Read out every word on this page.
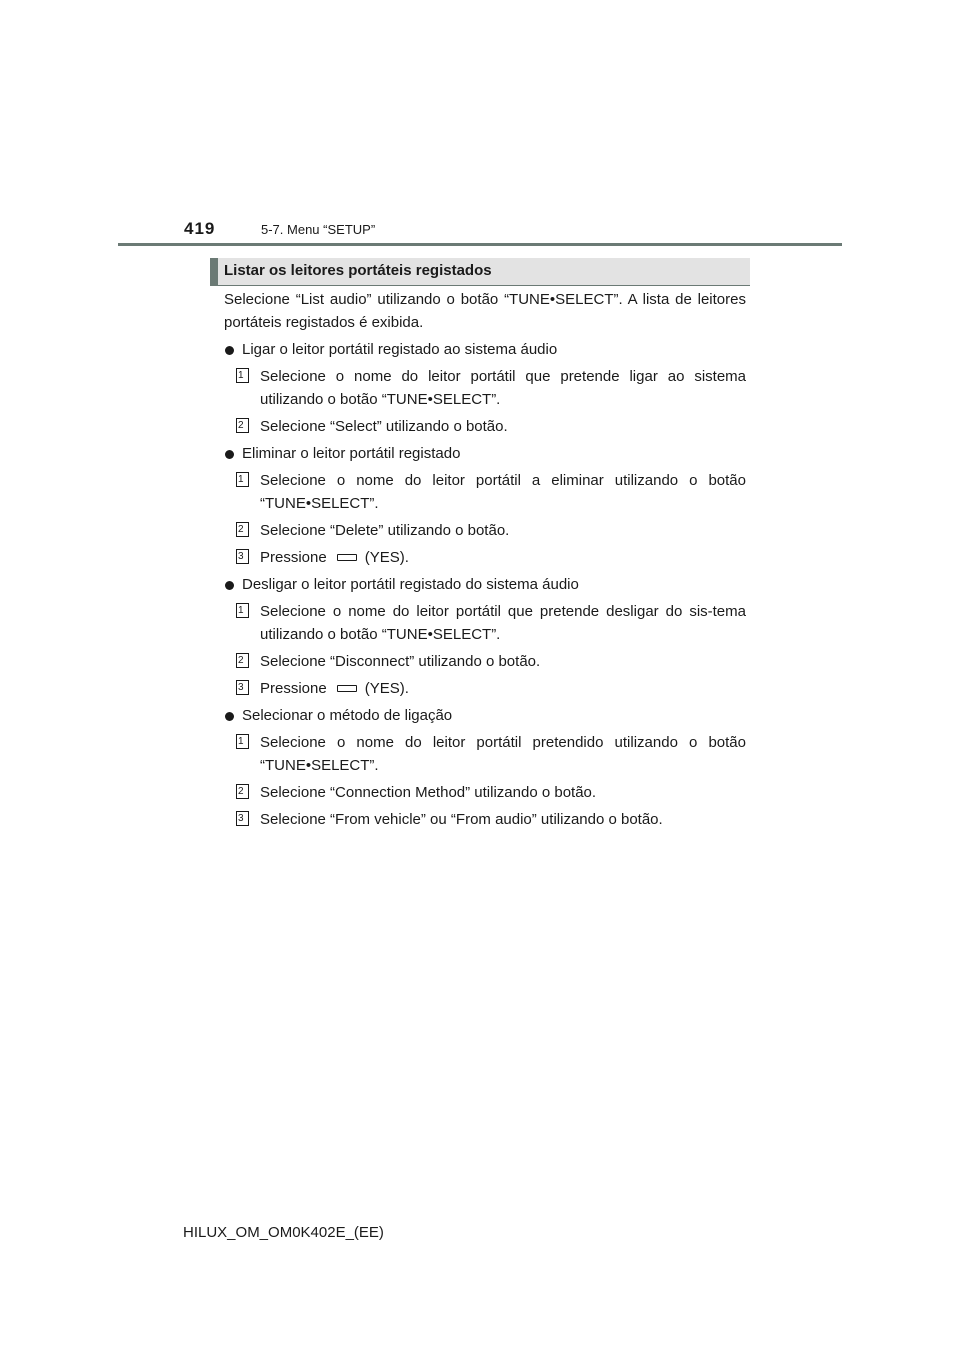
419	5-7. Menu “SETUP”
Listar os leitores portáteis registados

Selecione “List audio” utilizando o botão “TUNE•SELECT”. A lista de leitores portáteis registados é exibida.

Ligar o leitor portátil registado ao sistema áudio

1 Selecione o nome do leitor portátil que pretende ligar ao sistema utilizando o botão “TUNE•SELECT”.

2 Selecione “Select” utilizando o botão.

Eliminar o leitor portátil registado

1 Selecione o nome do leitor portátil a eliminar utilizando o botão “TUNE•SELECT”.

2 Selecione “Delete” utilizando o botão.

3 Pressione	(YES).

Desligar o leitor portátil registado do sistema áudio

1 Selecione o nome do leitor portátil que pretende desligar do sis-tema utilizando o botão “TUNE•SELECT”.

2 Selecione “Disconnect” utilizando o botão.

3 Pressione	(YES).

Selecionar o método de ligação

1 Selecione o nome do leitor portátil pretendido utilizando o botão “TUNE•SELECT”.

2 Selecione “Connection Method” utilizando o botão.

3 Selecione “From vehicle” ou “From audio” utilizando o botão.

HILUX_OM_OM0K402E_(EE)
